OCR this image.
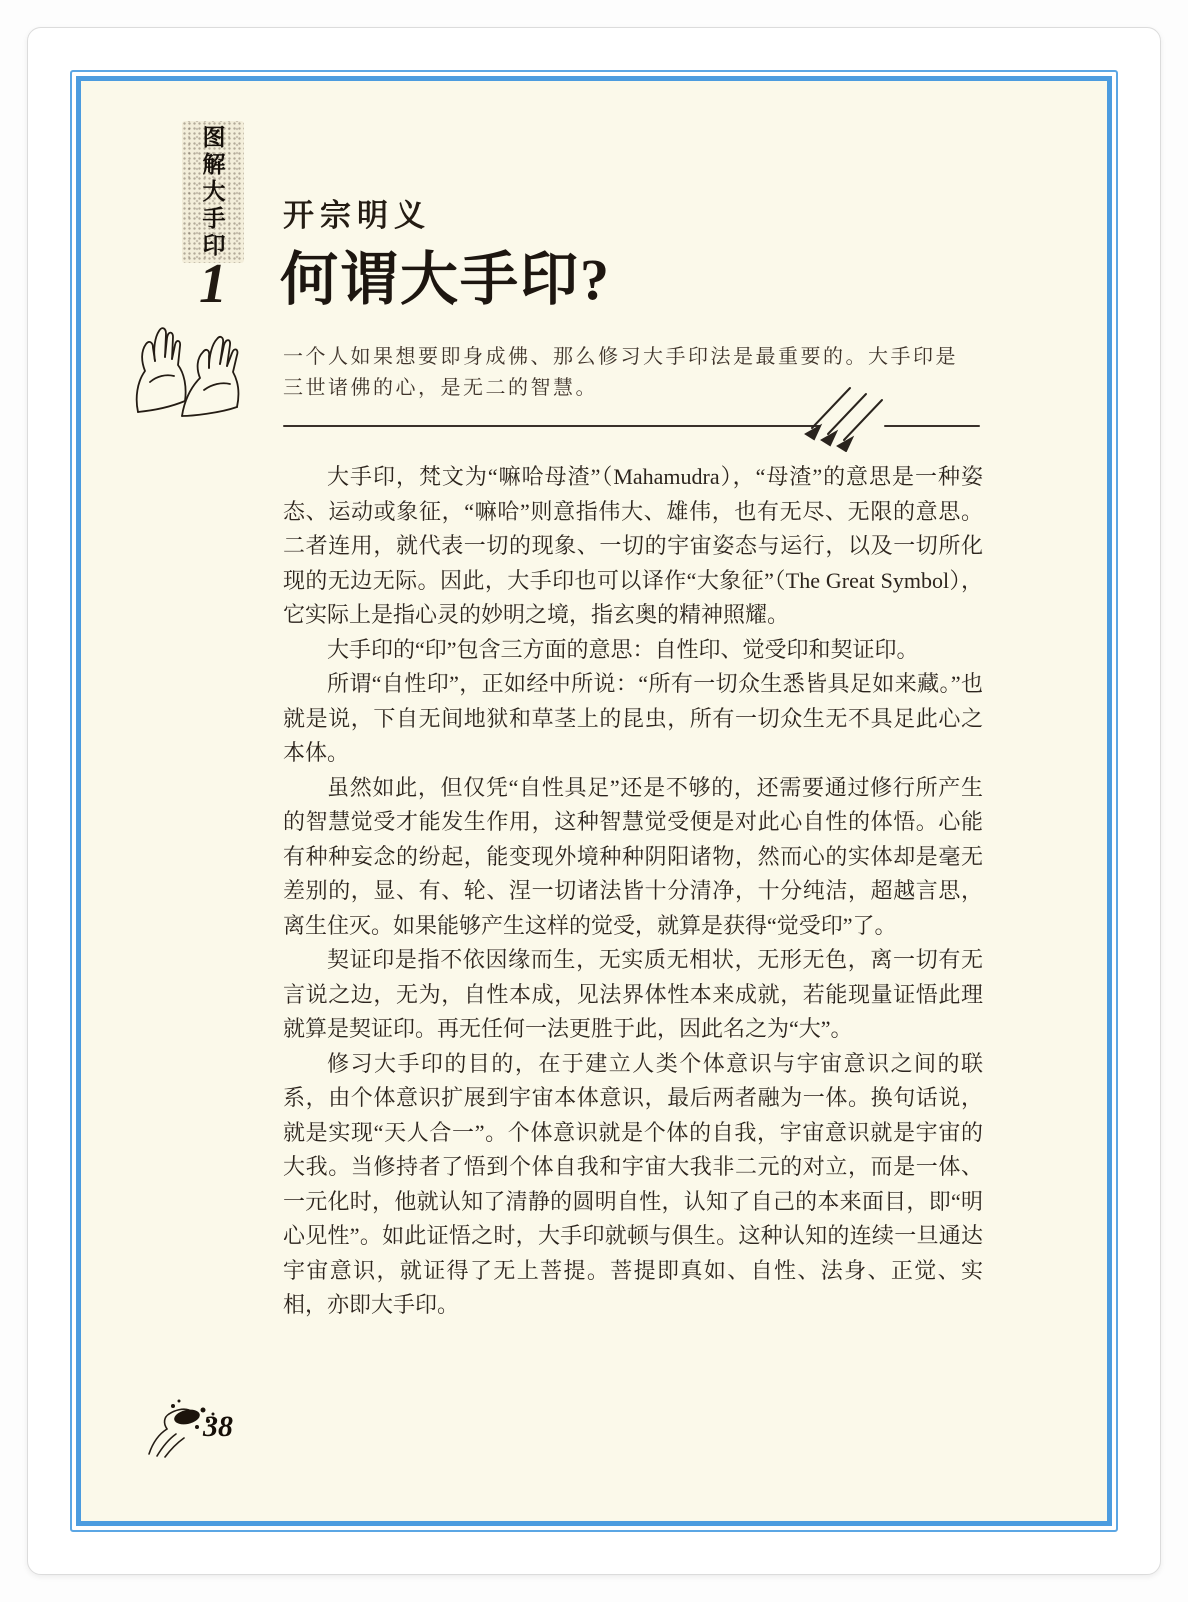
图解大手印
1
开宗明义
何谓大手印?
一个人如果想要即身成佛、那么修习大手印法是最重要的。大手印是三世诸佛的心，是无二的智慧。

大手印，梵文为“嘛哈母渣”（Mahamudra），“母渣”的意思是一种姿态、运动或象征，“嘛哈”则意指伟大、雄伟，也有无尽、无限的意思。二者连用，就代表一切的现象、一切的宇宙姿态与运行，以及一切所化现的无边无际。因此，大手印也可以译作“大象征”（The Great Symbol），它实际上是指心灵的妙明之境，指玄奥的精神照耀。

大手印的“印”包含三方面的意思：自性印、觉受印和契证印。

所谓“自性印”，正如经中所说：“所有一切众生悉皆具足如来藏。”也就是说，下自无间地狱和草茎上的昆虫，所有一切众生无不具足此心之本体。

虽然如此，但仅凭“自性具足”还是不够的，还需要通过修行所产生的智慧觉受才能发生作用，这种智慧觉受便是对此心自性的体悟。心能有种种妄念的纷起，能变现外境种种阴阳诸物，然而心的实体却是毫无差别的，显、有、轮、涅一切诸法皆十分清净，十分纯洁，超越言思，离生住灭。如果能够产生这样的觉受，就算是获得“觉受印”了。

契证印是指不依因缘而生，无实质无相状，无形无色，离一切有无言说之边，无为，自性本成，见法界体性本来成就，若能现量证悟此理就算是契证印。再无任何一法更胜于此，因此名之为“大”。

修习大手印的目的，在于建立人类个体意识与宇宙意识之间的联系，由个体意识扩展到宇宙本体意识，最后两者融为一体。换句话说，就是实现“天人合一”。个体意识就是个体的自我，宇宙意识就是宇宙的大我。当修持者了悟到个体自我和宇宙大我非二元的对立，而是一体、一元化时，他就认知了清静的圆明自性，认知了自己的本来面目，即“明心见性”。如此证悟之时，大手印就顿与俱生。这种认知的连续一旦通达宇宙意识，就证得了无上菩提。菩提即真如、自性、法身、正觉、实相，亦即大手印。

38
